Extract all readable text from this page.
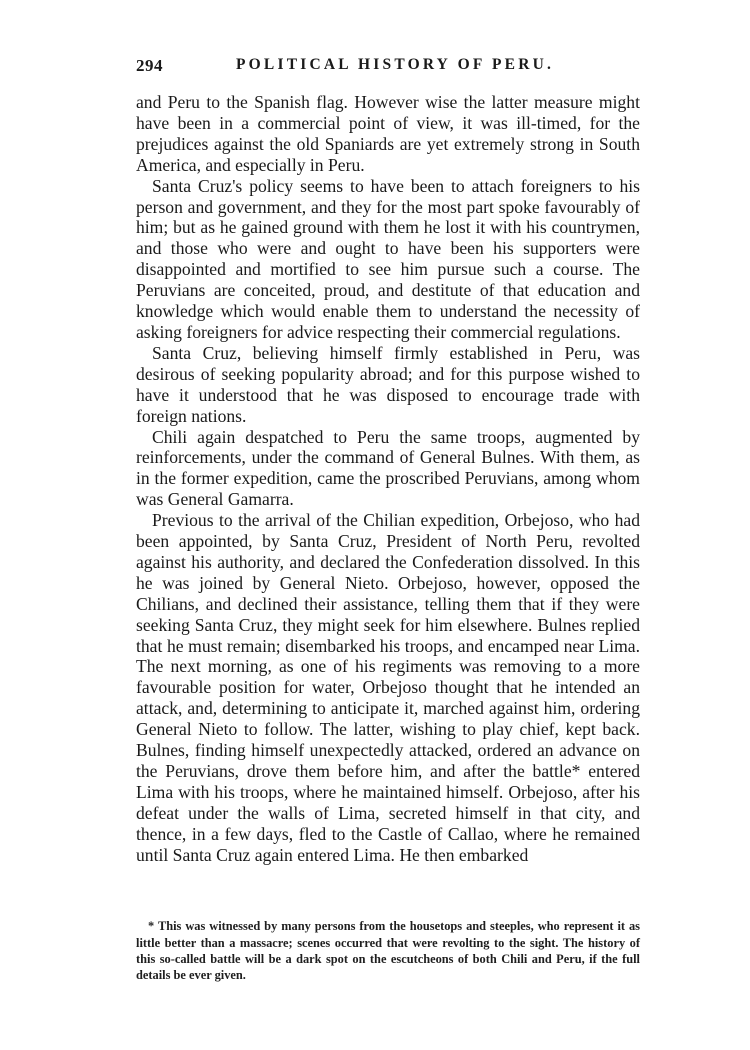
294	POLITICAL HISTORY OF PERU.

and Peru to the Spanish flag. However wise the latter measure might have been in a commercial point of view, it was ill-timed, for the prejudices against the old Spaniards are yet extremely strong in South America, and especially in Peru.

Santa Cruz's policy seems to have been to attach foreigners to his person and government, and they for the most part spoke favourably of him; but as he gained ground with them he lost it with his countrymen, and those who were and ought to have been his supporters were disappointed and mortified to see him pursue such a course. The Peruvians are conceited, proud, and destitute of that education and knowledge which would enable them to understand the necessity of asking foreigners for advice respecting their commercial regulations.

Santa Cruz, believing himself firmly established in Peru, was desirous of seeking popularity abroad; and for this purpose wished to have it understood that he was disposed to encourage trade with foreign nations.

Chili again despatched to Peru the same troops, augmented by reinforcements, under the command of General Bulnes. With them, as in the former expedition, came the proscribed Peruvians, among whom was General Gamarra.

Previous to the arrival of the Chilian expedition, Orbejoso, who had been appointed, by Santa Cruz, President of North Peru, revolted against his authority, and declared the Confederation dissolved. In this he was joined by General Nieto. Orbejoso, however, opposed the Chilians, and declined their assistance, telling them that if they were seeking Santa Cruz, they might seek for him elsewhere. Bulnes replied that he must remain; disembarked his troops, and encamped near Lima. The next morning, as one of his regiments was removing to a more favourable position for water, Orbejoso thought that he intended an attack, and, determining to anticipate it, marched against him, ordering General Nieto to follow. The latter, wishing to play chief, kept back. Bulnes, finding himself unexpectedly attacked, ordered an advance on the Peruvians, drove them before him, and after the battle* entered Lima with his troops, where he maintained himself. Orbejoso, after his defeat under the walls of Lima, secreted himself in that city, and thence, in a few days, fled to the Castle of Callao, where he remained until Santa Cruz again entered Lima. He then embarked

* This was witnessed by many persons from the housetops and steeples, who represent it as little better than a massacre; scenes occurred that were revolting to the sight. The history of this so-called battle will be a dark spot on the escutcheons of both Chili and Peru, if the full details be ever given.
